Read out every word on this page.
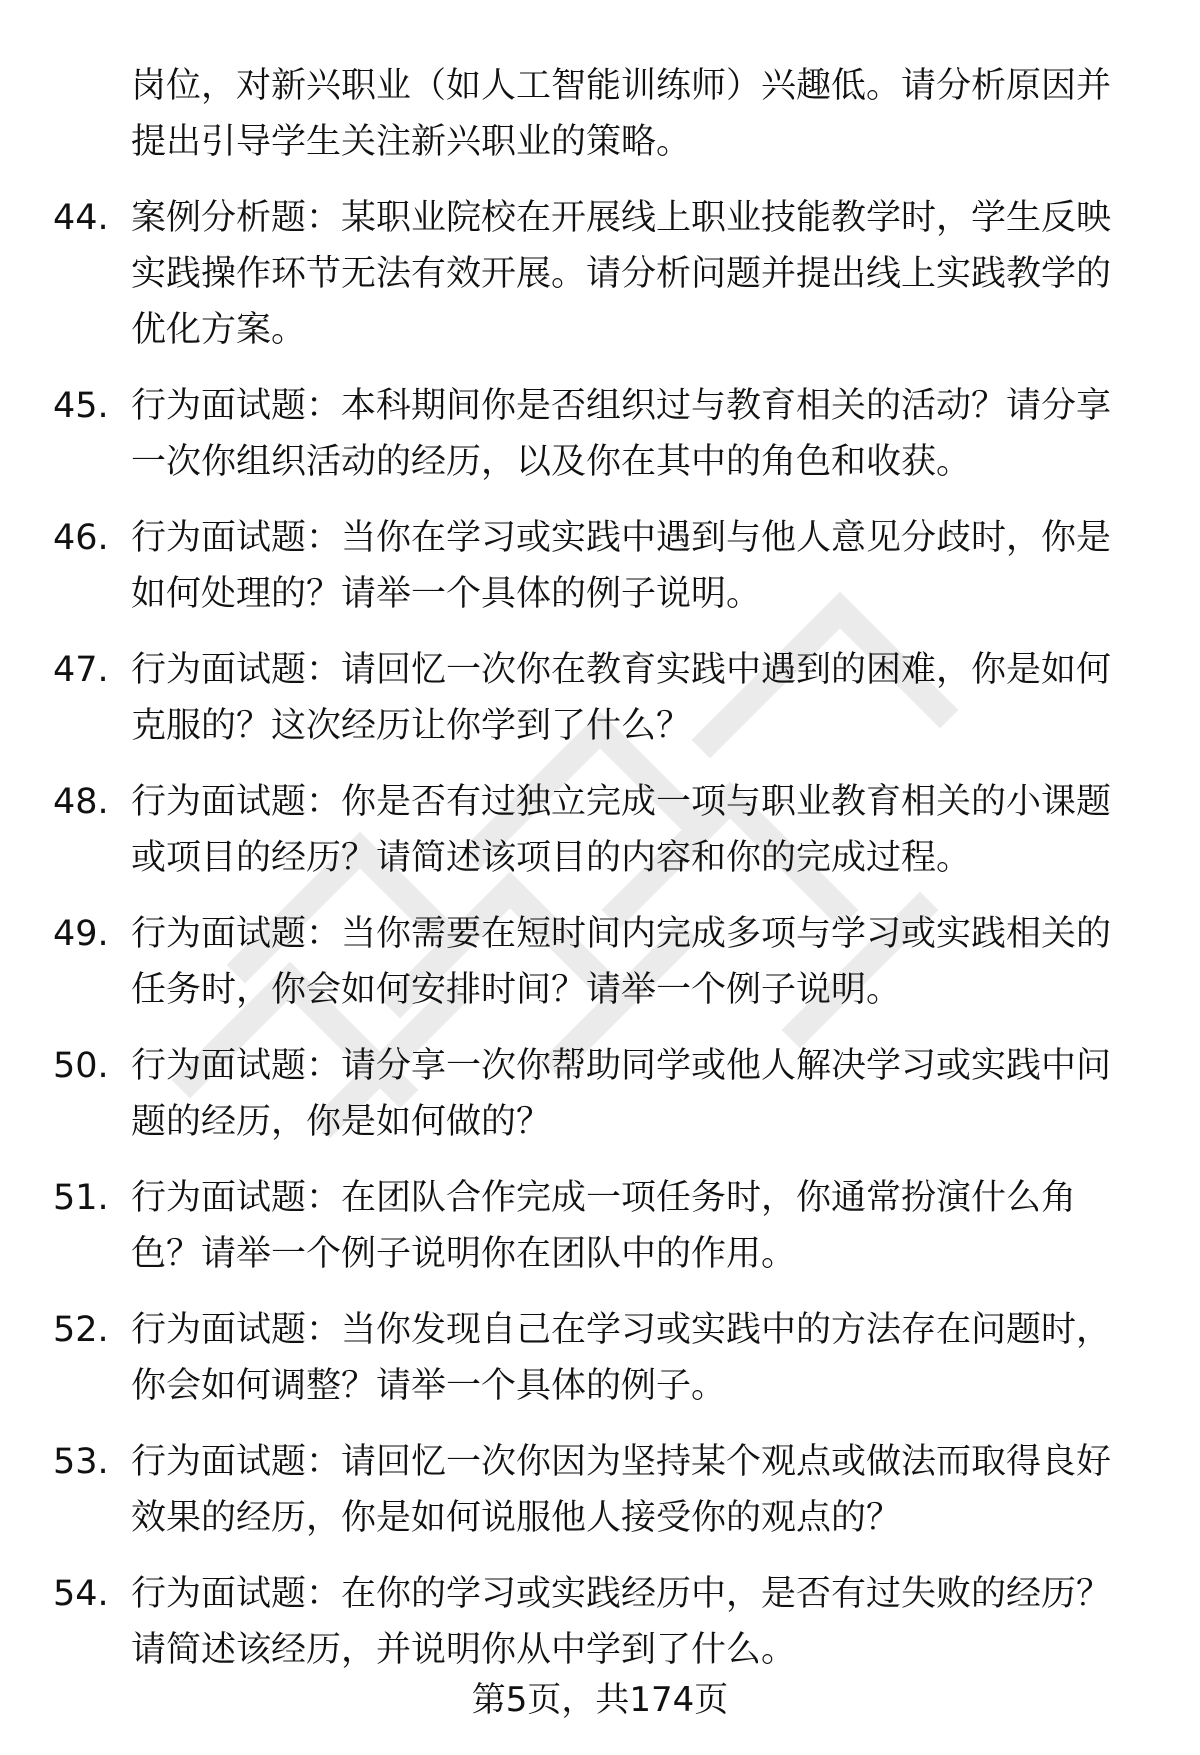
岗位，对新兴职业（如人工智能训练师）兴趣低。请分析原因并提出引导学生关注新兴职业的策略。

44. 案例分析题：某职业院校在开展线上职业技能教学时，学生反映实践操作环节无法有效开展。请分析问题并提出线上实践教学的优化方案。

45. 行为面试题：本科期间你是否组织过与教育相关的活动？请分享一次你组织活动的经历，以及你在其中的角色和收获。

46. 行为面试题：当你在学习或实践中遇到与他人意见分歧时，你是如何处理的？请举一个具体的例子说明。

47. 行为面试题：请回忆一次你在教育实践中遇到的困难，你是如何克服的？这次经历让你学到了什么？

48. 行为面试题：你是否有过独立完成一项与职业教育相关的小课题或项目的经历？请简述该项目的内容和你的完成过程。

49. 行为面试题：当你需要在短时间内完成多项与学习或实践相关的任务时，你会如何安排时间？请举一个例子说明。

50. 行为面试题：请分享一次你帮助同学或他人解决学习或实践中问题的经历，你是如何做的？

51. 行为面试题：在团队合作完成一项任务时，你通常扮演什么角色？请举一个例子说明你在团队中的作用。

52. 行为面试题：当你发现自己在学习或实践中的方法存在问题时，你会如何调整？请举一个具体的例子。

53. 行为面试题：请回忆一次你因为坚持某个观点或做法而取得良好效果的经历，你是如何说服他人接受你的观点的？

54. 行为面试题：在你的学习或实践经历中，是否有过失败的经历？请简述该经历，并说明你从中学到了什么。

第5页，共174页
